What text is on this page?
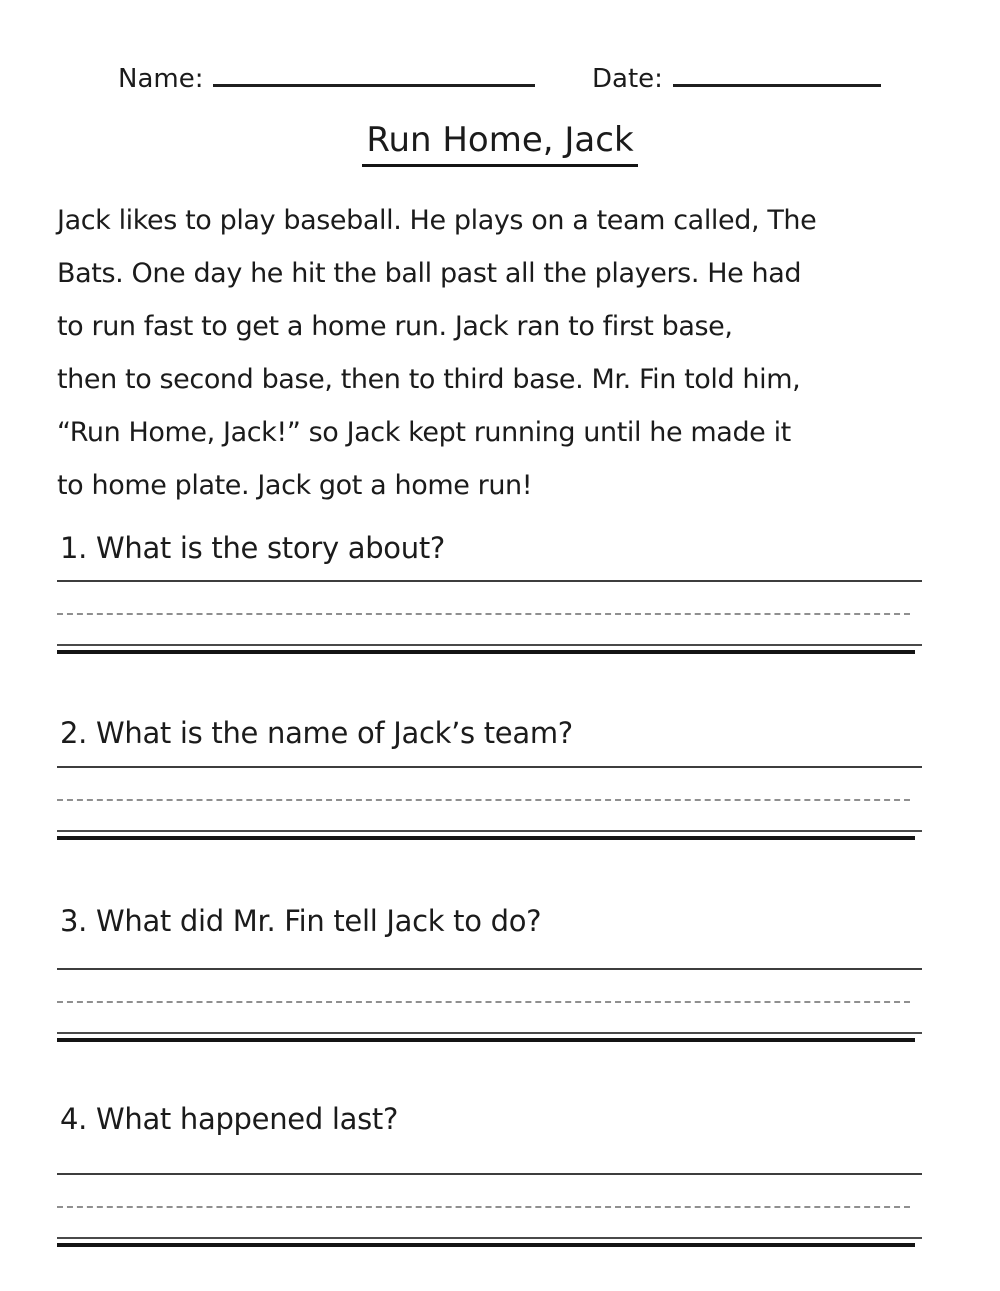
Name:	Date:
Run Home, Jack
Jack likes to play baseball. He plays on a team called, The
Bats. One day he hit the ball past all the players. He had
to run fast to get a home run. Jack ran to first base,
then to second base, then to third base. Mr. Fin told him,
“Run Home, Jack!” so Jack kept running until he made it
to home plate. Jack got a home run!
1. What is the story about?
2. What is the name of Jack’s team?
3. What did Mr. Fin tell Jack to do?
4. What happened last?
